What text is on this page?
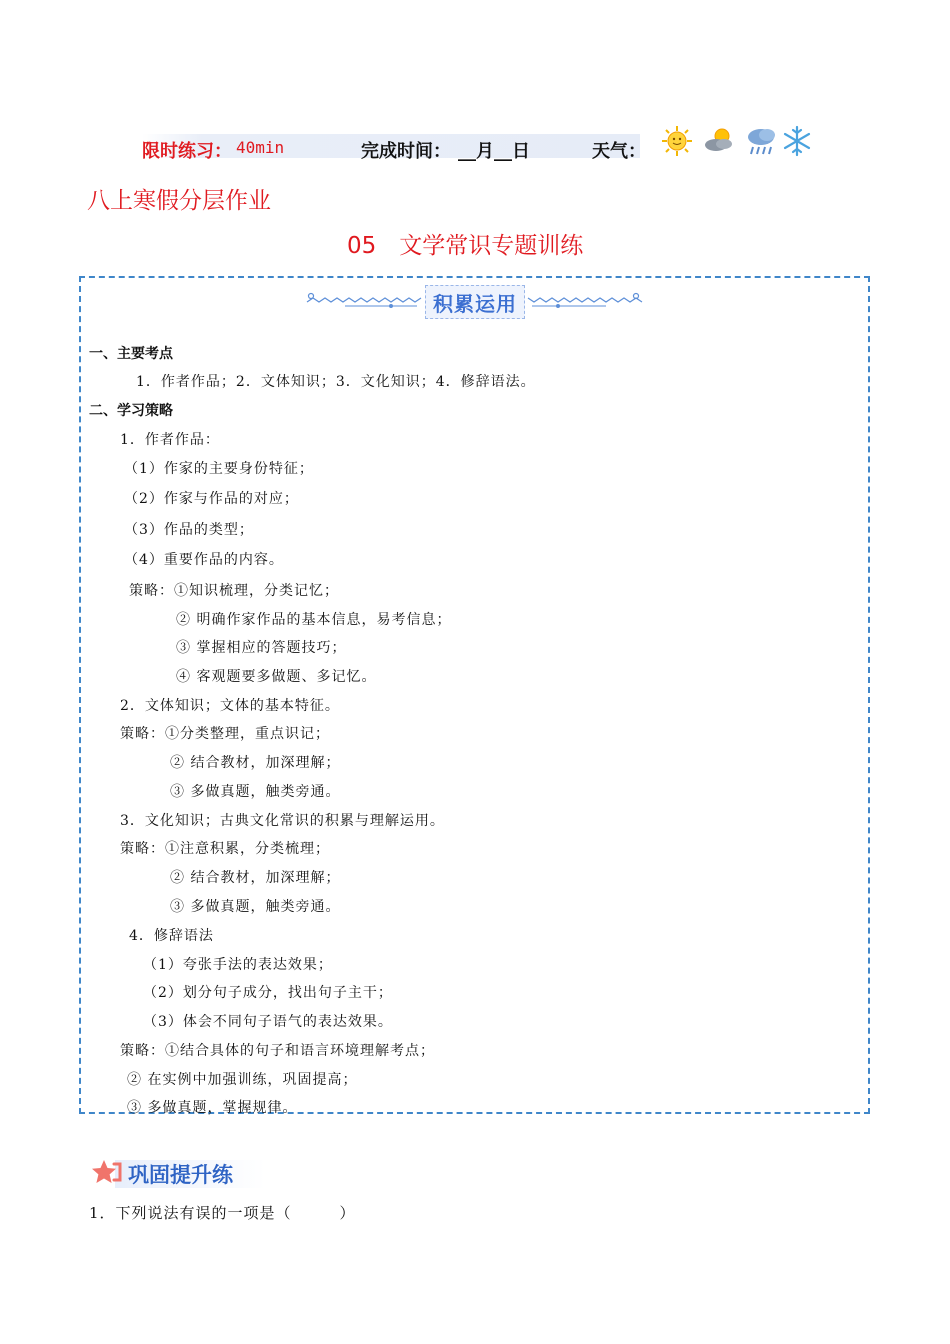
限时练习： 40min	完成时间： __月__日	天气：
八上寒假分层作业
05　文学常识专题训练
积累运用
一、主要考点
1．作者作品；2．文体知识；3．文化知识；4．修辞语法。
二、学习策略
1．作者作品：
（1）作家的主要身份特征；
（2）作家与作品的对应；
（3）作品的类型；
（4）重要作品的内容。
策略：①知识梳理，分类记忆；
② 明确作家作品的基本信息，易考信息；
③ 掌握相应的答题技巧；
④ 客观题要多做题、多记忆。
2．文体知识；文体的基本特征。
策略：①分类整理，重点识记；
② 结合教材，加深理解；
③ 多做真题，触类旁通。
3．文化知识；古典文化常识的积累与理解运用。
策略：①注意积累，分类梳理；
② 结合教材，加深理解；
③ 多做真题，触类旁通。
4．修辞语法
（1）夸张手法的表达效果；
（2）划分句子成分，找出句子主干；
（3）体会不同句子语气的表达效果。
策略：①结合具体的句子和语言环境理解考点；
② 在实例中加强训练，巩固提高；
③ 多做真题，掌握规律。
巩固提升练
1．下列说法有误的一项是（　　　）
